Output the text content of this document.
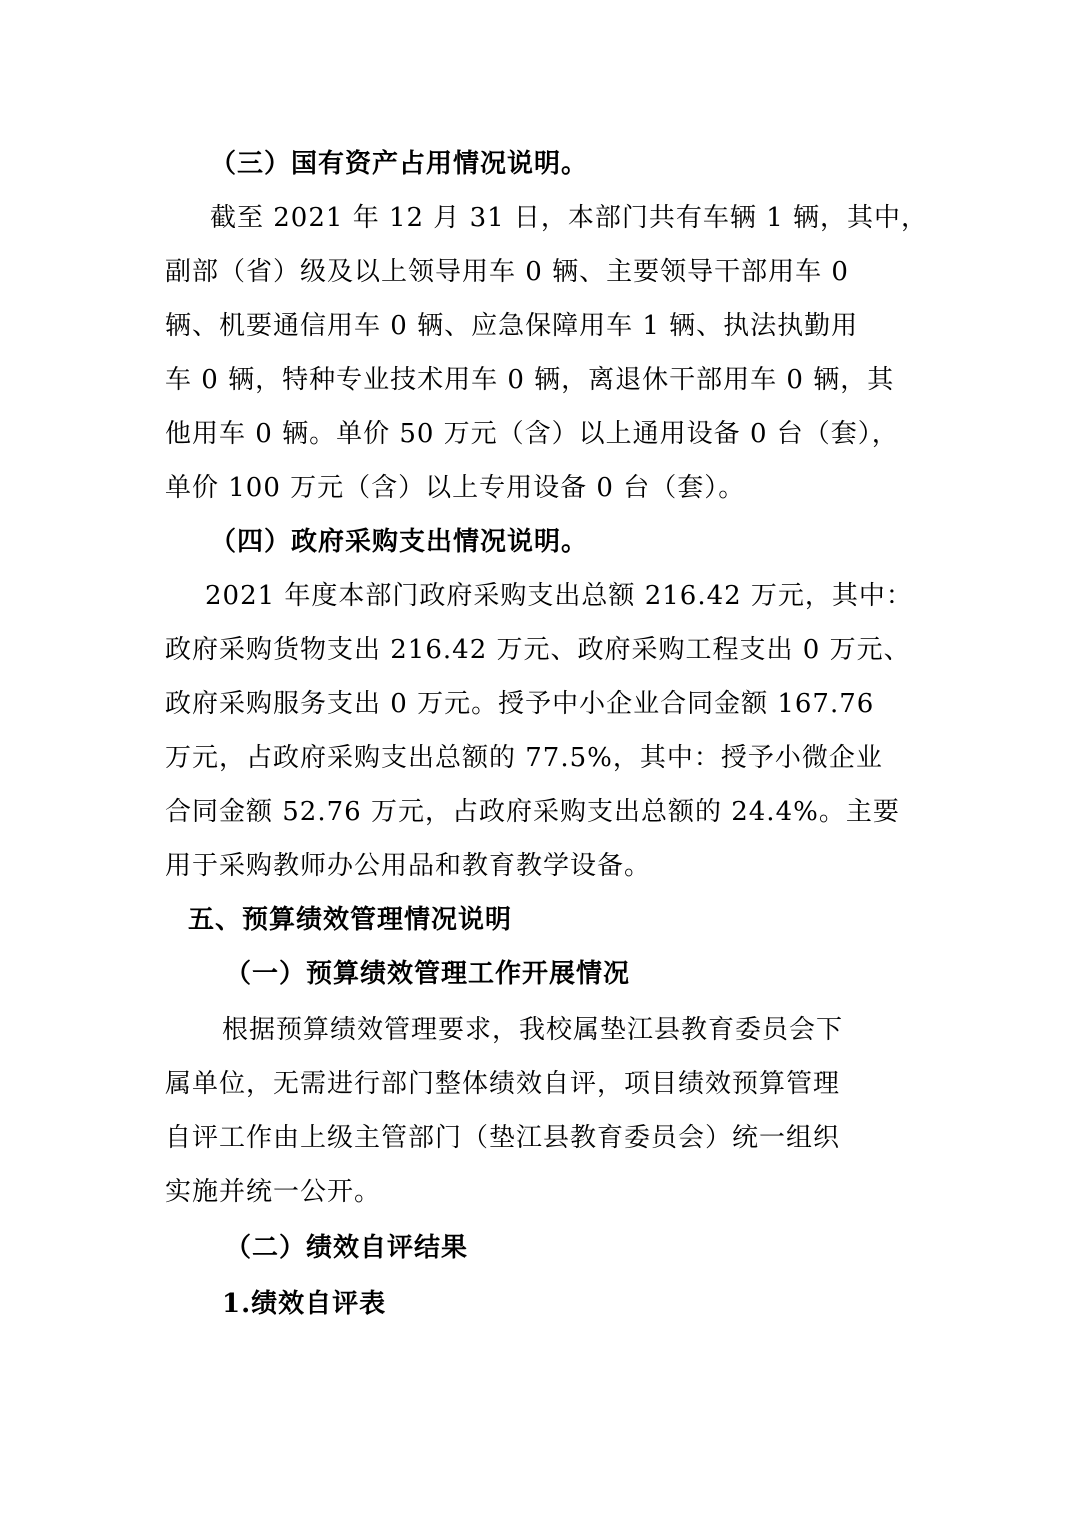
（三）国有资产占用情况说明。

截至 2021 年 12 月 31 日，本部门共有车辆 1 辆，其中，

副部（省）级及以上领导用车 0 辆、主要领导干部用车 0

辆、机要通信用车 0 辆、应急保障用车 1 辆、执法执勤用

车 0 辆，特种专业技术用车 0 辆，离退休干部用车 0 辆，其

他用车 0 辆。单价 50 万元（含）以上通用设备 0 台（套），

单价 100 万元（含）以上专用设备 0 台（套）。

（四）政府采购支出情况说明。

2021 年度本部门政府采购支出总额 216.42 万元，其中：

政府采购货物支出 216.42 万元、政府采购工程支出 0 万元、

政府采购服务支出 0 万元。授予中小企业合同金额 167.76

万元，占政府采购支出总额的 77.5%，其中：授予小微企业

合同金额 52.76 万元，占政府采购支出总额的 24.4%。主要

用于采购教师办公用品和教育教学设备。

五、预算绩效管理情况说明

（一）预算绩效管理工作开展情况

根据预算绩效管理要求，我校属垫江县教育委员会下

属单位，无需进行部门整体绩效自评，项目绩效预算管理

自评工作由上级主管部门（垫江县教育委员会）统一组织

实施并统一公开。

（二）绩效自评结果

1.绩效自评表
